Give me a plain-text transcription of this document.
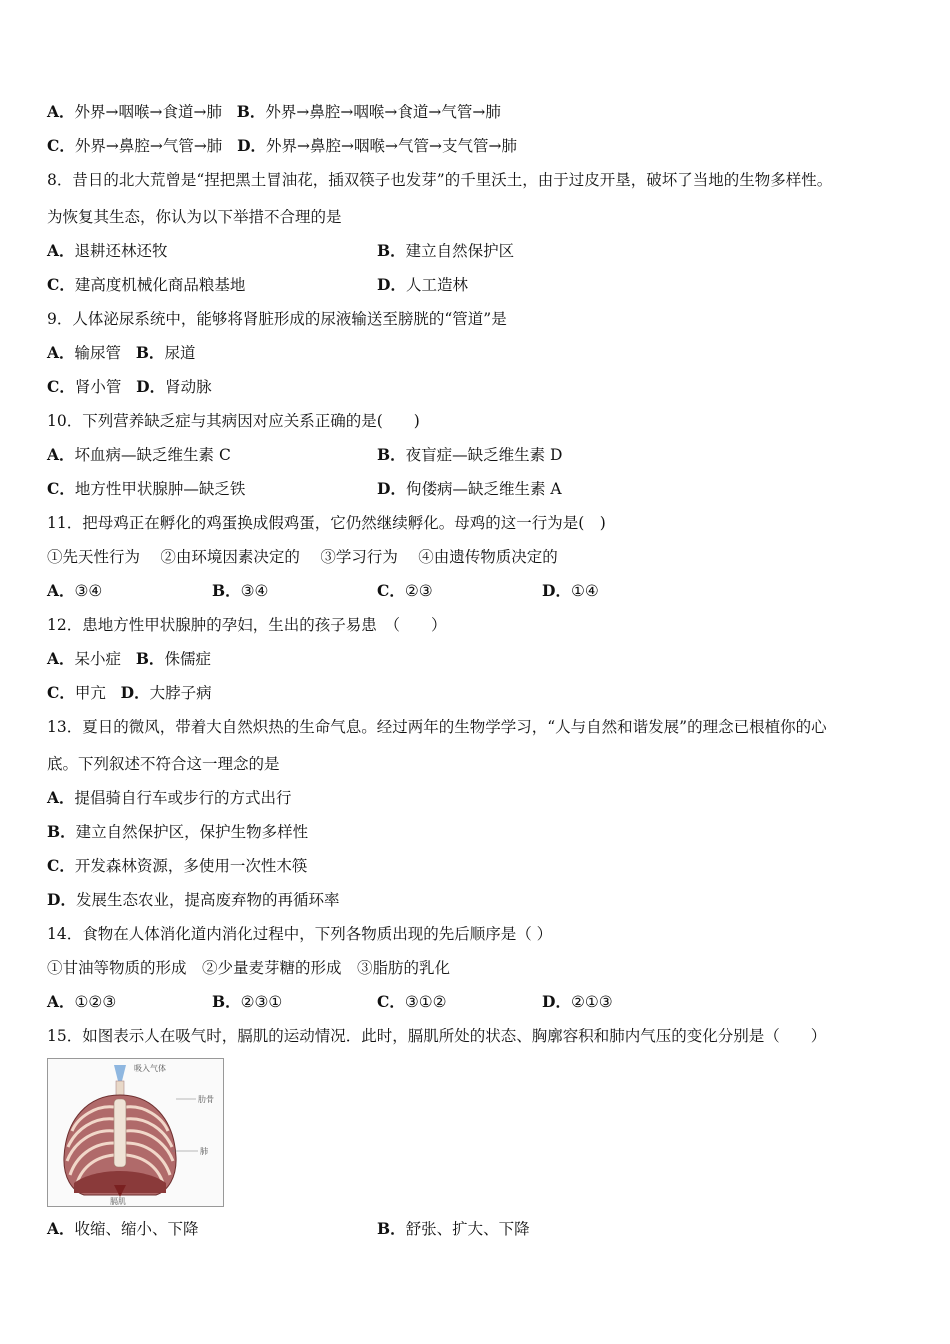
A．外界→咽喉→食道→肺 B．外界→鼻腔→咽喉→食道→气管→肺
C．外界→鼻腔→气管→肺 D．外界→鼻腔→咽喉→气管→支气管→肺
8．昔日的北大荒曾是“捏把黑土冒油花，插双筷子也发芽”的千里沃土，由于过皮开垦，破坏了当地的生物多样性。
为恢复其生态，你认为以下举措不合理的是
A．退耕还林还牧	B．建立自然保护区
C．建高度机械化商品粮基地	D．人工造林
9．人体泌尿系统中，能够将肾脏形成的尿液输送至膀胱的“管道”是
A．输尿管 B．尿道
C．肾小管 D．肾动脉
10．下列营养缺乏症与其病因对应关系正确的是(　　)
A．坏血病—缺乏维生素 C	B．夜盲症—缺乏维生素 D
C．地方性甲状腺肿—缺乏铁	D．佝偻病—缺乏维生素 A
11．把母鸡正在孵化的鸡蛋换成假鸡蛋，它仍然继续孵化。母鸡的这一行为是(　)
①先天性行为　 ②由环境因素决定的　 ③学习行为　 ④由遗传物质决定的
A．③④	B．③④	C．②③	D．①④
12．患地方性甲状腺肿的孕妇，生出的孩子易患　（　　）
A．呆小症 B．侏儒症
C．甲亢 D．大脖子病
13．夏日的微风，带着大自然炽热的生命气息。经过两年的生物学学习，“人与自然和谐发展”的理念已根植你的心
底。下列叙述不符合这一理念的是
A．提倡骑自行车或步行的方式出行
B．建立自然保护区，保护生物多样性
C．开发森林资源，多使用一次性木筷
D．发展生态农业，提高废弃物的再循环率
14．食物在人体消化道内消化过程中，下列各物质出现的先后顺序是（ ）
①甘油等物质的形成　②少量麦芽糖的形成　③脂肪的乳化
A．①②③	B．②③①	C．③①②	D．②①③
15．如图表示人在吸气时，膈肌的运动情况．此时，膈肌所处的状态、胸廓容积和肺内气压的变化分别是（　　）
吸入气体
肋骨
肺
膈肌
A．收缩、缩小、下降	B．舒张、扩大、下降
